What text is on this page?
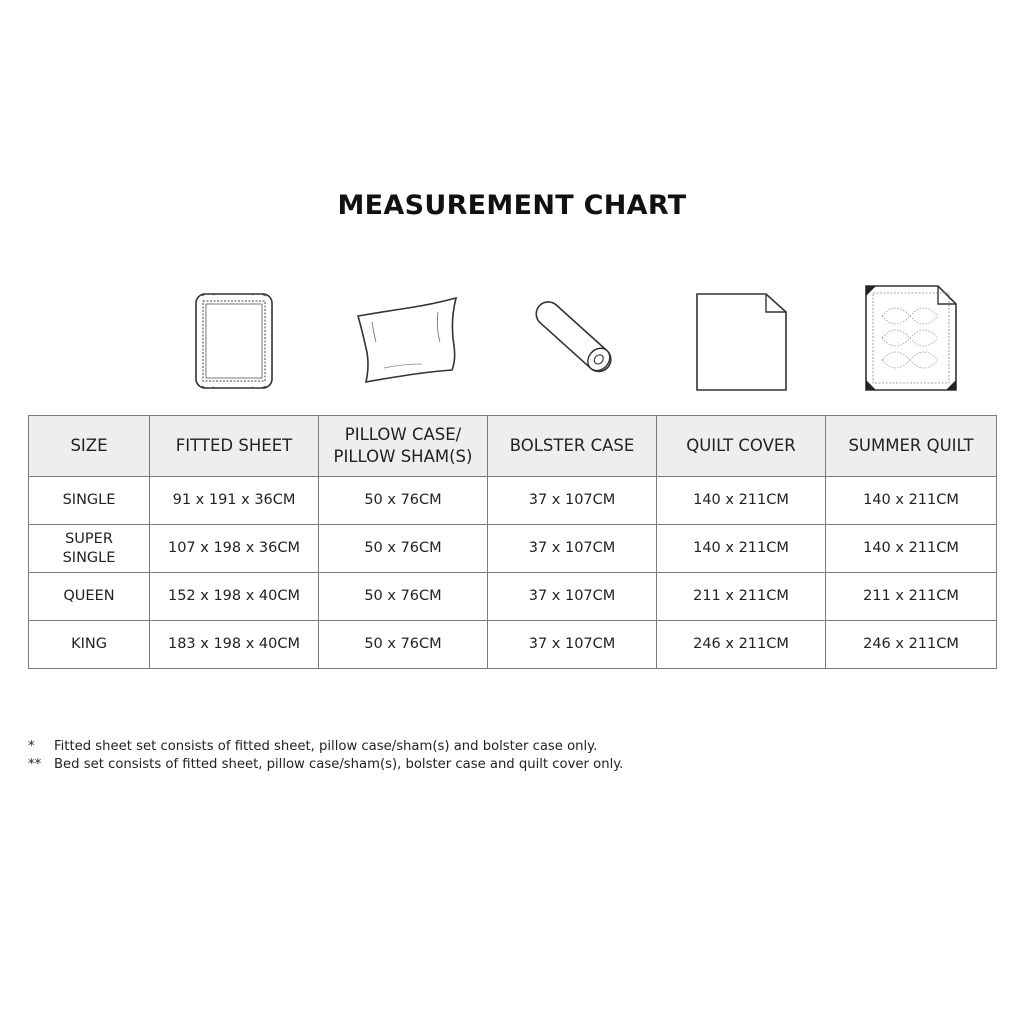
MEASUREMENT CHART
SIZE	FITTED SHEET	PILLOW CASE/
PILLOW SHAM(S)	BOLSTER CASE	QUILT COVER	SUMMER QUILT
SINGLE	91 x 191 x 36CM	50 x 76CM	37 x 107CM	140 x 211CM	140 x 211CM
SUPER
SINGLE	107 x 198 x 36CM	50 x 76CM	37 x 107CM	140 x 211CM	140 x 211CM
QUEEN	152 x 198 x 40CM	50 x 76CM	37 x 107CM	211 x 211CM	211 x 211CM
KING	183 x 198 x 40CM	50 x 76CM	37 x 107CM	246 x 211CM	246 x 211CM
*	Fitted sheet set consists of fitted sheet, pillow case/sham(s) and bolster case only.
** Bed set consists of fitted sheet, pillow case/sham(s), bolster case and quilt cover only.
